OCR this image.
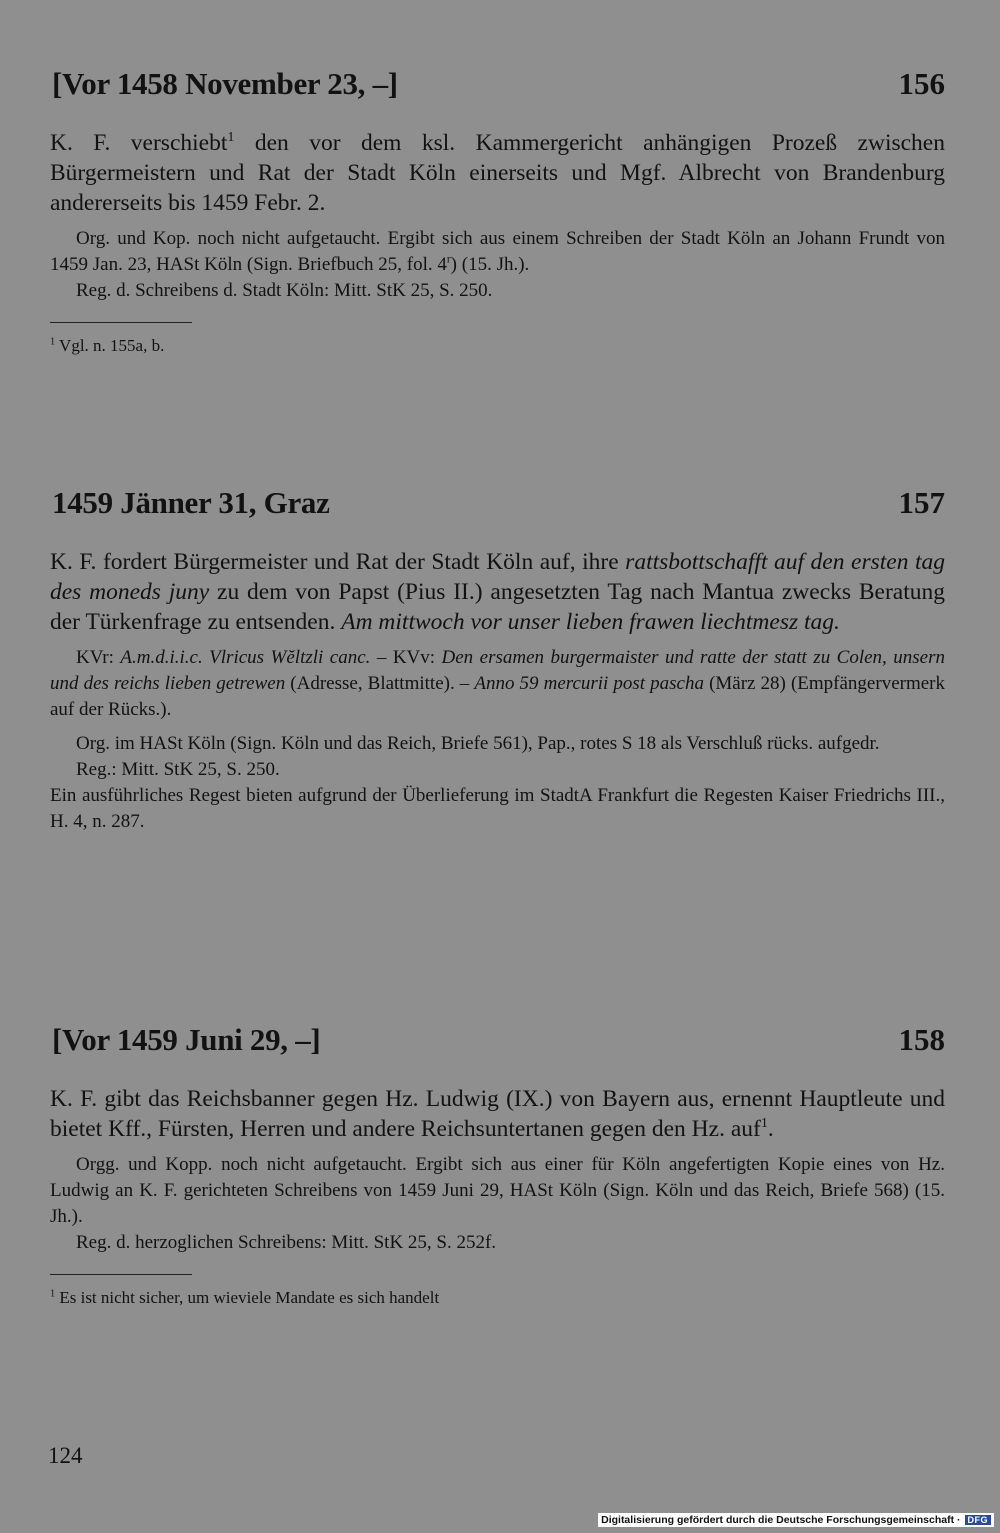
[Vor 1458 November 23, –]	156

K. F. verschiebt$^1$ den vor dem ksl. Kammergericht anhängigen Prozeß zwischen Bürgermeistern und Rat der Stadt Köln einerseits und Mgf. Albrecht von Brandenburg andererseits bis 1459 Febr. 2.

Org. und Kop. noch nicht aufgetaucht. Ergibt sich aus einem Schreiben der Stadt Köln an Johann Frundt von 1459 Jan. 23, HASt Köln (Sign. Briefbuch 25, fol. 4$^r$) (15. Jh.).

Reg. d. Schreibens d. Stadt Köln: Mitt. StK 25, S. 250.

$^1$ Vgl. n. 155a, b.
1459 Jänner 31, Graz	157

K. F. fordert Bürgermeister und Rat der Stadt Köln auf, ihre rattsbottschafft auf den ersten tag des moneds juny zu dem von Papst (Pius II.) angesetzten Tag nach Mantua zwecks Beratung der Türkenfrage zu entsenden. Am mittwoch vor unser lieben frawen liechtmesz tag.

KVr: A.m.d.i.i.c. Vlricus Wĕltzli canc. – KVv: Den ersamen burgermaister und ratte der statt zu Colen, unsern und des reichs lieben getrewen (Adresse, Blattmitte). – Anno 59 mercurii post pascha (März 28) (Empfängervermerk auf der Rücks.).

Org. im HASt Köln (Sign. Köln und das Reich, Briefe 561), Pap., rotes S 18 als Verschluß rücks. aufgedr.

Reg.: Mitt. StK 25, S. 250.

Ein ausführliches Regest bieten aufgrund der Überlieferung im StadtA Frankfurt die Regesten Kaiser Friedrichs III., H. 4, n. 287.

[Vor 1459 Juni 29, –]	158

K. F. gibt das Reichsbanner gegen Hz. Ludwig (IX.) von Bayern aus, ernennt Hauptleute und bietet Kff., Fürsten, Herren und andere Reichsuntertanen gegen den Hz. auf$^1$.

Orgg. und Kopp. noch nicht aufgetaucht. Ergibt sich aus einer für Köln angefertigten Kopie eines von Hz. Ludwig an K. F. gerichteten Schreibens von 1459 Juni 29, HASt Köln (Sign. Köln und das Reich, Briefe 568) (15. Jh.).

Reg. d. herzoglichen Schreibens: Mitt. StK 25, S. 252f.

$^1$ Es ist nicht sicher, um wieviele Mandate es sich handelt
124
Digitalisierung gefördert durch die Deutsche Forschungsgemeinschaft · DFG
